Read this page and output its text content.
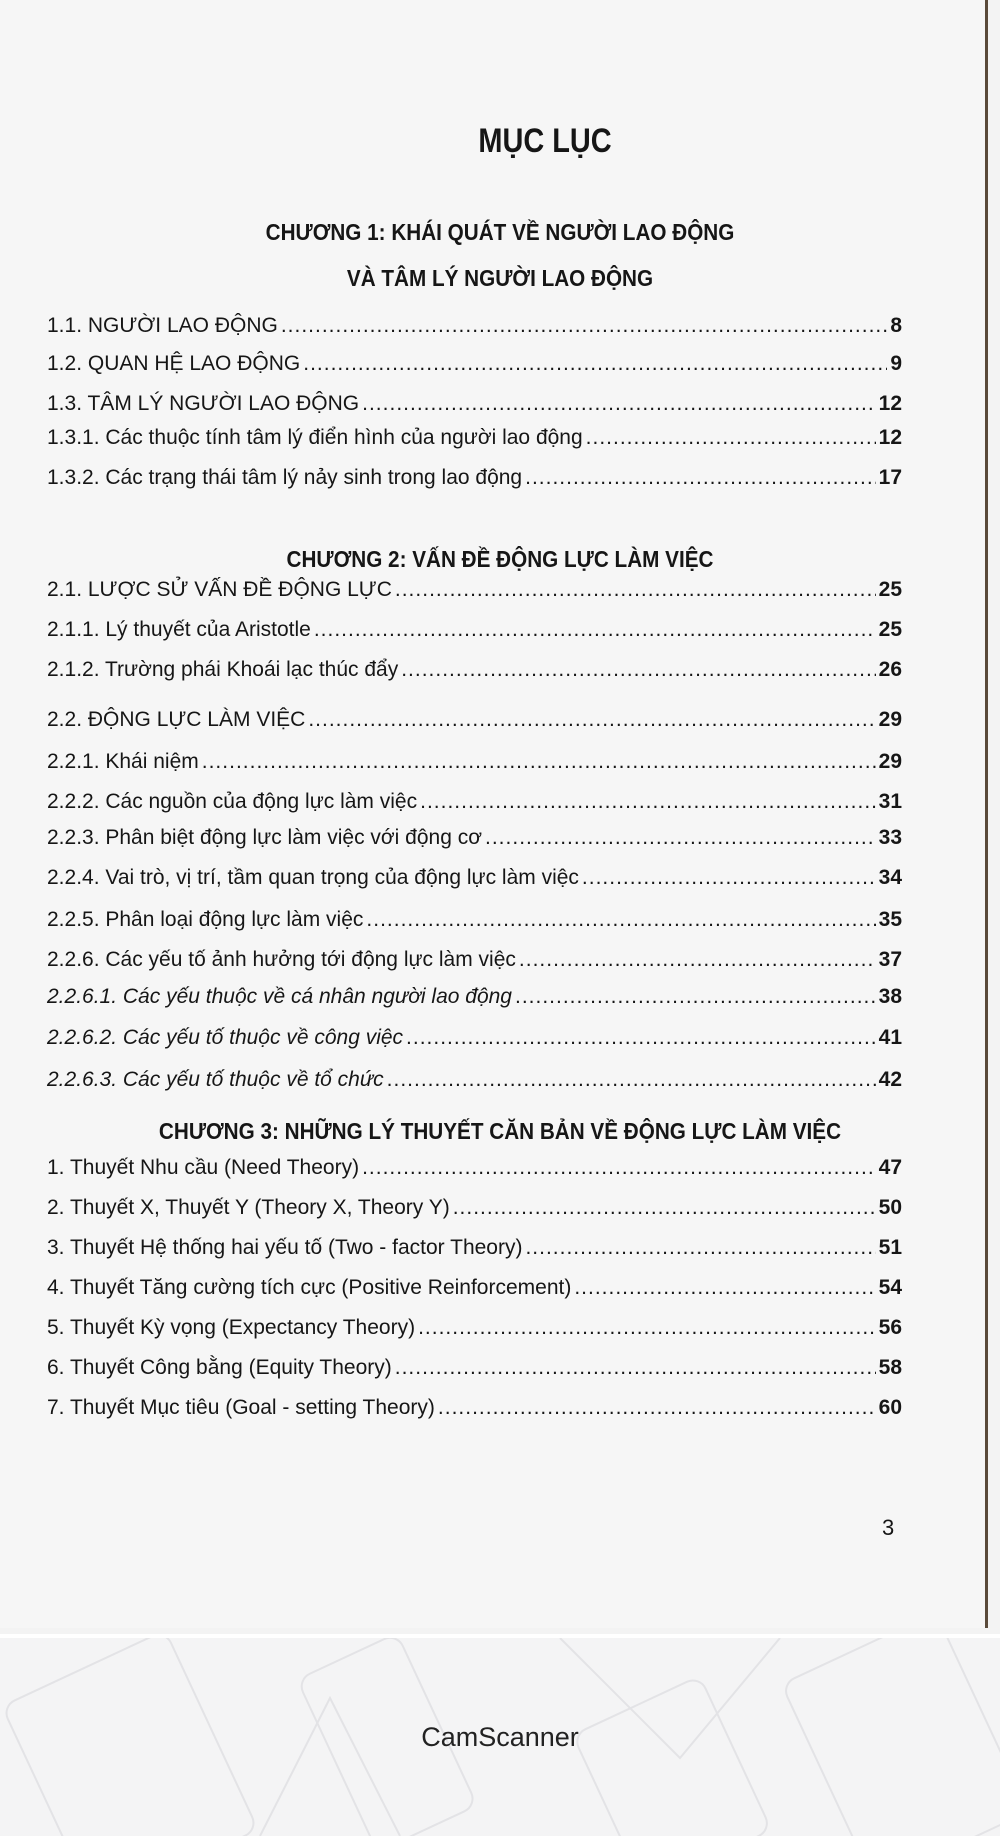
MỤC LỤC
CHƯƠNG 1: KHÁI QUÁT VỀ NGƯỜI LAO ĐỘNG
VÀ TÂM LÝ NGƯỜI LAO ĐỘNG
1.1. NGƯỜI LAO ĐỘNG .....	8
1.2. QUAN HỆ LAO ĐỘNG .....	9
1.3. TÂM LÝ NGƯỜI LAO ĐỘNG .....	12
1.3.1. Các thuộc tính tâm lý điển hình của người lao động .....	12
1.3.2. Các trạng thái tâm lý nảy sinh trong lao động .....	17
CHƯƠNG 2: VẤN ĐỀ ĐỘNG LỰC LÀM VIỆC
2.1. LƯỢC SỬ VẤN ĐỀ ĐỘNG LỰC .....	25
2.1.1. Lý thuyết của Aristotle .....	25
2.1.2. Trường phái Khoái lạc thúc đẩy .....	26
2.2. ĐỘNG LỰC LÀM VIỆC .....	29
2.2.1. Khái niệm .....	29
2.2.2. Các nguồn của động lực làm việc .....	31
2.2.3. Phân biệt động lực làm việc với động cơ .....	33
2.2.4. Vai trò, vị trí, tầm quan trọng của động lực làm việc .....	34
2.2.5. Phân loại động lực làm việc .....	35
2.2.6. Các yếu tố ảnh hưởng tới động lực làm việc .....	37
2.2.6.1. Các yếu thuộc về cá nhân người lao động .....	38
2.2.6.2. Các yếu tố thuộc về công việc .....	41
2.2.6.3. Các yếu tố thuộc về tổ chức .....	42
CHƯƠNG 3: NHỮNG LÝ THUYẾT CĂN BẢN VỀ ĐỘNG LỰC LÀM VIỆC
1. Thuyết Nhu cầu (Need Theory) .....	47
2. Thuyết X, Thuyết Y (Theory X, Theory Y) .....	50
3. Thuyết Hệ thống hai yếu tố (Two - factor Theory) .....	51
4. Thuyết Tăng cường tích cực (Positive Reinforcement) .....	54
5. Thuyết Kỳ vọng (Expectancy Theory) .....	56
6. Thuyết Công bằng (Equity Theory) .....	58
7. Thuyết Mục tiêu (Goal - setting Theory) .....	60
3
CamScanner
